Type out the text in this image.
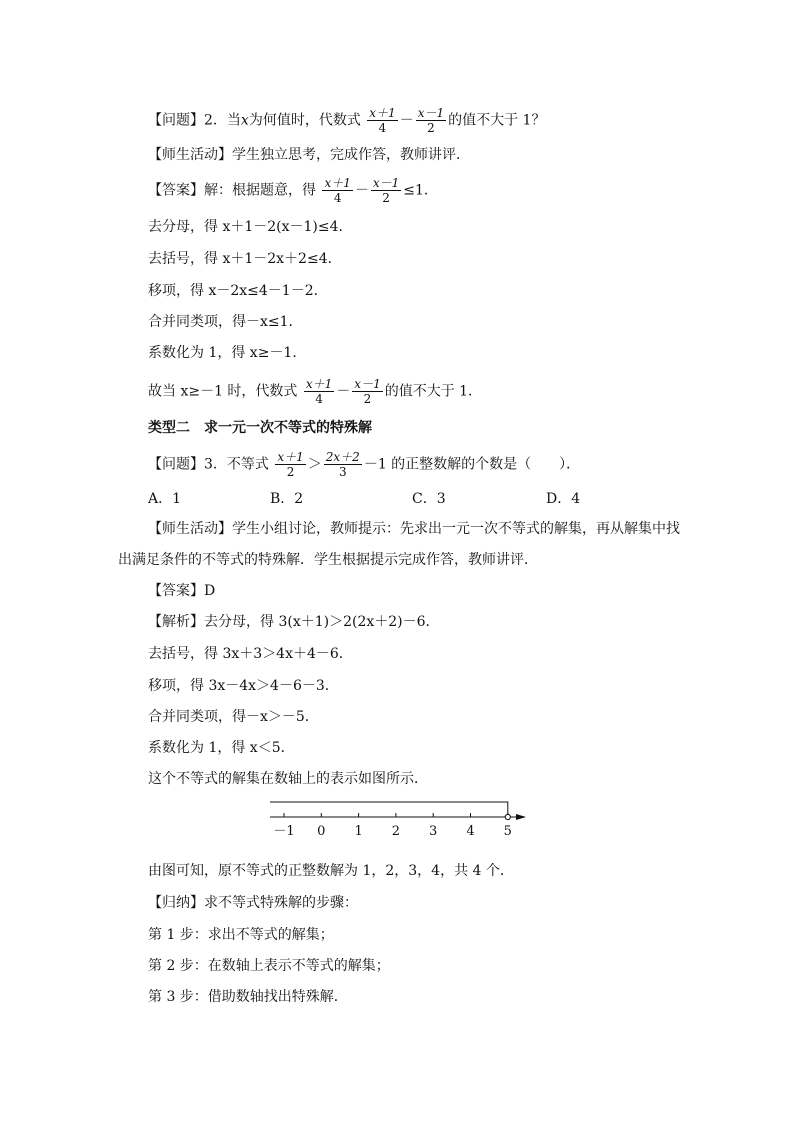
【问题】2．当x为何值时，代数式 $\frac{x+1}{4} - \frac{x-1}{2}$ 的值不大于 1？
【师生活动】学生独立思考，完成作答，教师讲评．
【答案】解：根据题意，得 $\frac{x+1}{4} - \frac{x-1}{2} \le 1$．
去分母，得 x＋1－2(x－1)≤4．
去括号，得 x＋1－2x＋2≤4．
移项，得 x－2x≤4－1－2．
合并同类项，得－x≤1．
系数化为 1，得 x≥－1．
故当 x≥－1 时，代数式 $\frac{x+1}{4} - \frac{x-1}{2}$ 的值不大于 1．
类型二　求一元一次不等式的特殊解
【问题】3．不等式 $\frac{x+1}{2} > \frac{2x+2}{3} -1$ 的正整数解的个数是（　　）．
A．1	B．2	C．3	D．4
【师生活动】学生小组讨论，教师提示：先求出一元一次不等式的解集，再从解集中找
出满足条件的不等式的特殊解．学生根据提示完成作答，教师讲评．
【答案】D
【解析】去分母，得 3(x＋1)＞2(2x＋2)－6．
去括号，得 3x＋3＞4x＋4－6．
移项，得 3x－4x＞4－6－3．
合并同类项，得－x＞－5．
系数化为 1，得 x＜5．
这个不等式的解集在数轴上的表示如图所示．
－1 0 1 2 3 4 5
由图可知，原不等式的正整数解为 1，2，3，4，共 4 个．
【归纳】求不等式特殊解的步骤：
第 1 步：求出不等式的解集；
第 2 步：在数轴上表示不等式的解集；
第 3 步：借助数轴找出特殊解．
